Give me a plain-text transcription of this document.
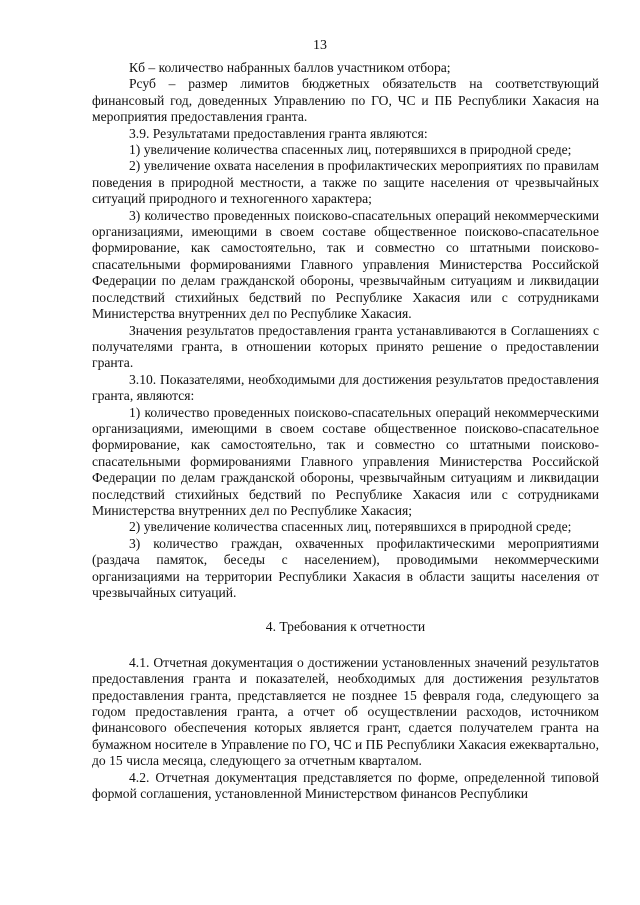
13

Кб – количество набранных баллов участником отбора;

Рсуб – размер лимитов бюджетных обязательств на соответствующий финансовый год, доведенных Управлению по ГО, ЧС и ПБ Республики Хакасия на мероприятия предоставления гранта.

3.9. Результатами предоставления гранта являются:

1) увеличение количества спасенных лиц, потерявшихся в природной среде;

2) увеличение охвата населения в профилактических мероприятиях по правилам поведения в природной местности, а также по защите населения от чрезвычайных ситуаций природного и техногенного характера;

3) количество проведенных поисково-спасательных операций некоммерческими организациями, имеющими в своем составе общественное поисково-спасательное формирование, как самостоятельно, так и совместно со штатными поисково-спасательными формированиями Главного управления Министерства Российской Федерации по делам гражданской обороны, чрезвычайным ситуациям и ликвидации последствий стихийных бедствий по Республике Хакасия или с сотрудниками Министерства внутренних дел по Республике Хакасия.

Значения результатов предоставления гранта устанавливаются в Соглашениях с получателями гранта, в отношении которых принято решение о предоставлении гранта.

3.10. Показателями, необходимыми для достижения результатов предоставления гранта, являются:

1) количество проведенных поисково-спасательных операций некоммерческими организациями, имеющими в своем составе общественное поисково-спасательное формирование, как самостоятельно, так и совместно со штатными поисково-спасательными формированиями Главного управления Министерства Российской Федерации по делам гражданской обороны, чрезвычайным ситуациям и ликвидации последствий стихийных бедствий по Республике Хакасия или с сотрудниками Министерства внутренних дел по Республике Хакасия;

2) увеличение количества спасенных лиц, потерявшихся в природной среде;

3) количество граждан, охваченных профилактическими мероприятиями (раздача памяток, беседы с населением), проводимыми некоммерческими организациями на территории Республики Хакасия в области защиты населения от чрезвычайных ситуаций.

4. Требования к отчетности

4.1. Отчетная документация о достижении установленных значений результатов предоставления гранта и показателей, необходимых для достижения результатов предоставления гранта, представляется не позднее 15 февраля года, следующего за годом предоставления гранта, а отчет об осуществлении расходов, источником финансового обеспечения которых является грант, сдается получателем гранта на бумажном носителе в Управление по ГО, ЧС и ПБ Республики Хакасия ежеквартально, до 15 числа месяца, следующего за отчетным кварталом.

4.2. Отчетная документация представляется по форме, определенной типовой формой соглашения, установленной Министерством финансов Республики
